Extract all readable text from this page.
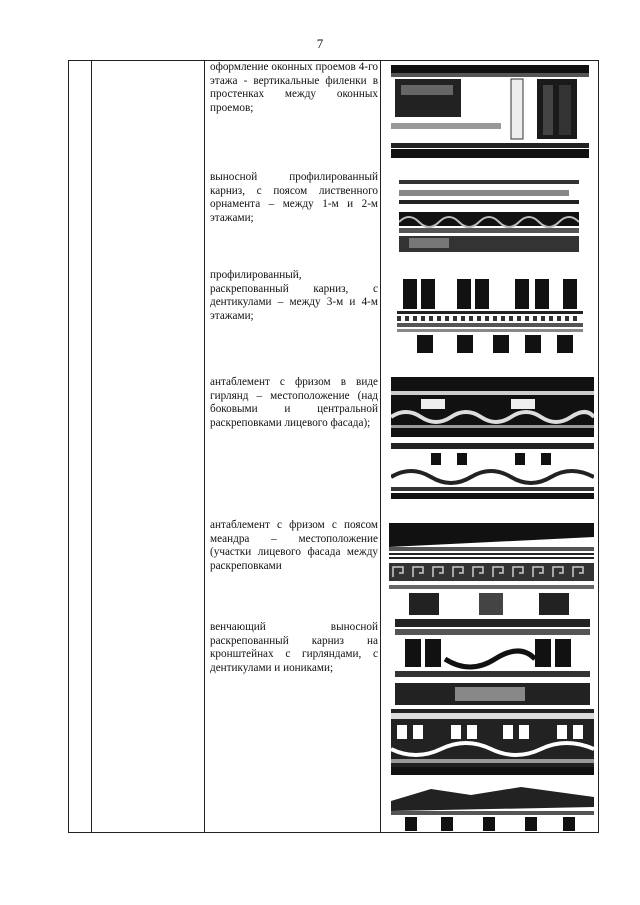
7
оформление оконных проемов 4-го этажа - вертикальные филенки в простенках между оконных проемов;
выносной профилированный карниз, с поясом лиственного орнамента – между 1-м и 2-м этажами;
профилированный, раскрепованный карниз, с дентикулами – между 3-м и 4-м этажами;
антаблемент с фризом в виде гирлянд – местоположение (над боковыми и центральной раскреповками лицевого фасада);
антаблемент с фризом с поясом меандра – местоположение (участки лицевого фасада между раскреповками
венчающий выносной раскрепованный карниз на кронштейнах с гирляндами, с дентикулами и иониками;
